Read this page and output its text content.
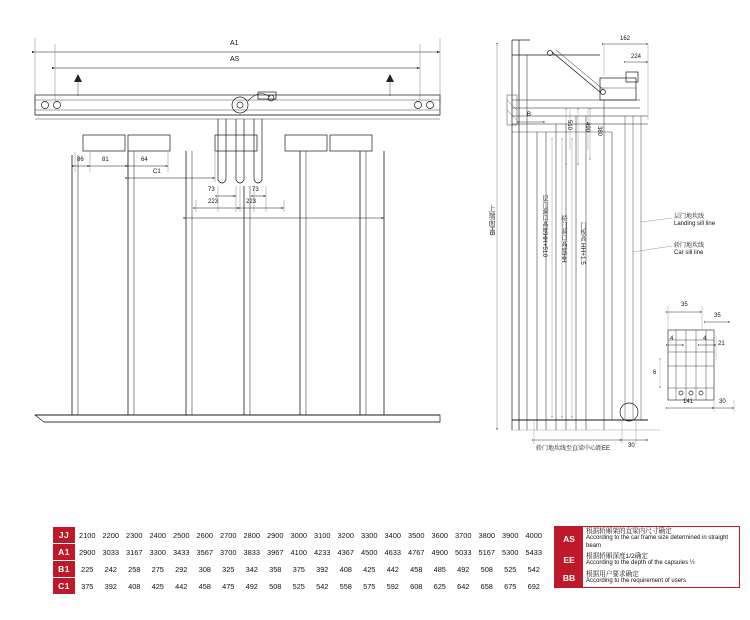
A1
AS
86	81	64
C1
73	73
223	223
上端面HB	层门洞口高度HH+510 轿门洞口高度HH 门板高 HH+1.5
510 490 380
162
224
B
层门地坎线
Landing sill line
轿门地坎线
Car sill line
轿门地坎线至直梁中心距EE	30
35
35
4	4
21
6
141	30
JJ	2100	2200	2300	2400	2500	2600	2700	2800	2900	3000	3100	3200	3300	3400	3500	3600	3700	3800	3900	4000
A1	2900	3033	3167	3300	3433	3567	3700	3833	3967	4100	4233	4367	4500	4633	4767	4900	5033	5167	5300	5433
B1	225	242	258	275	292	308	325	342	358	375	392	408	425	442	458	485	492	508	525	542
C1	375	392	408	425	442	458	475	492	508	525	542	558	575	592	608	625	642	658	675	692
AS	根据轿厢架的直梁内尺寸确定
According to the car frame size determined in straight beam

EE	根据轿厢深度1/2确定
According to the depth of the capsules ½

BB	根据用户要求确定
According to the requirement of users
